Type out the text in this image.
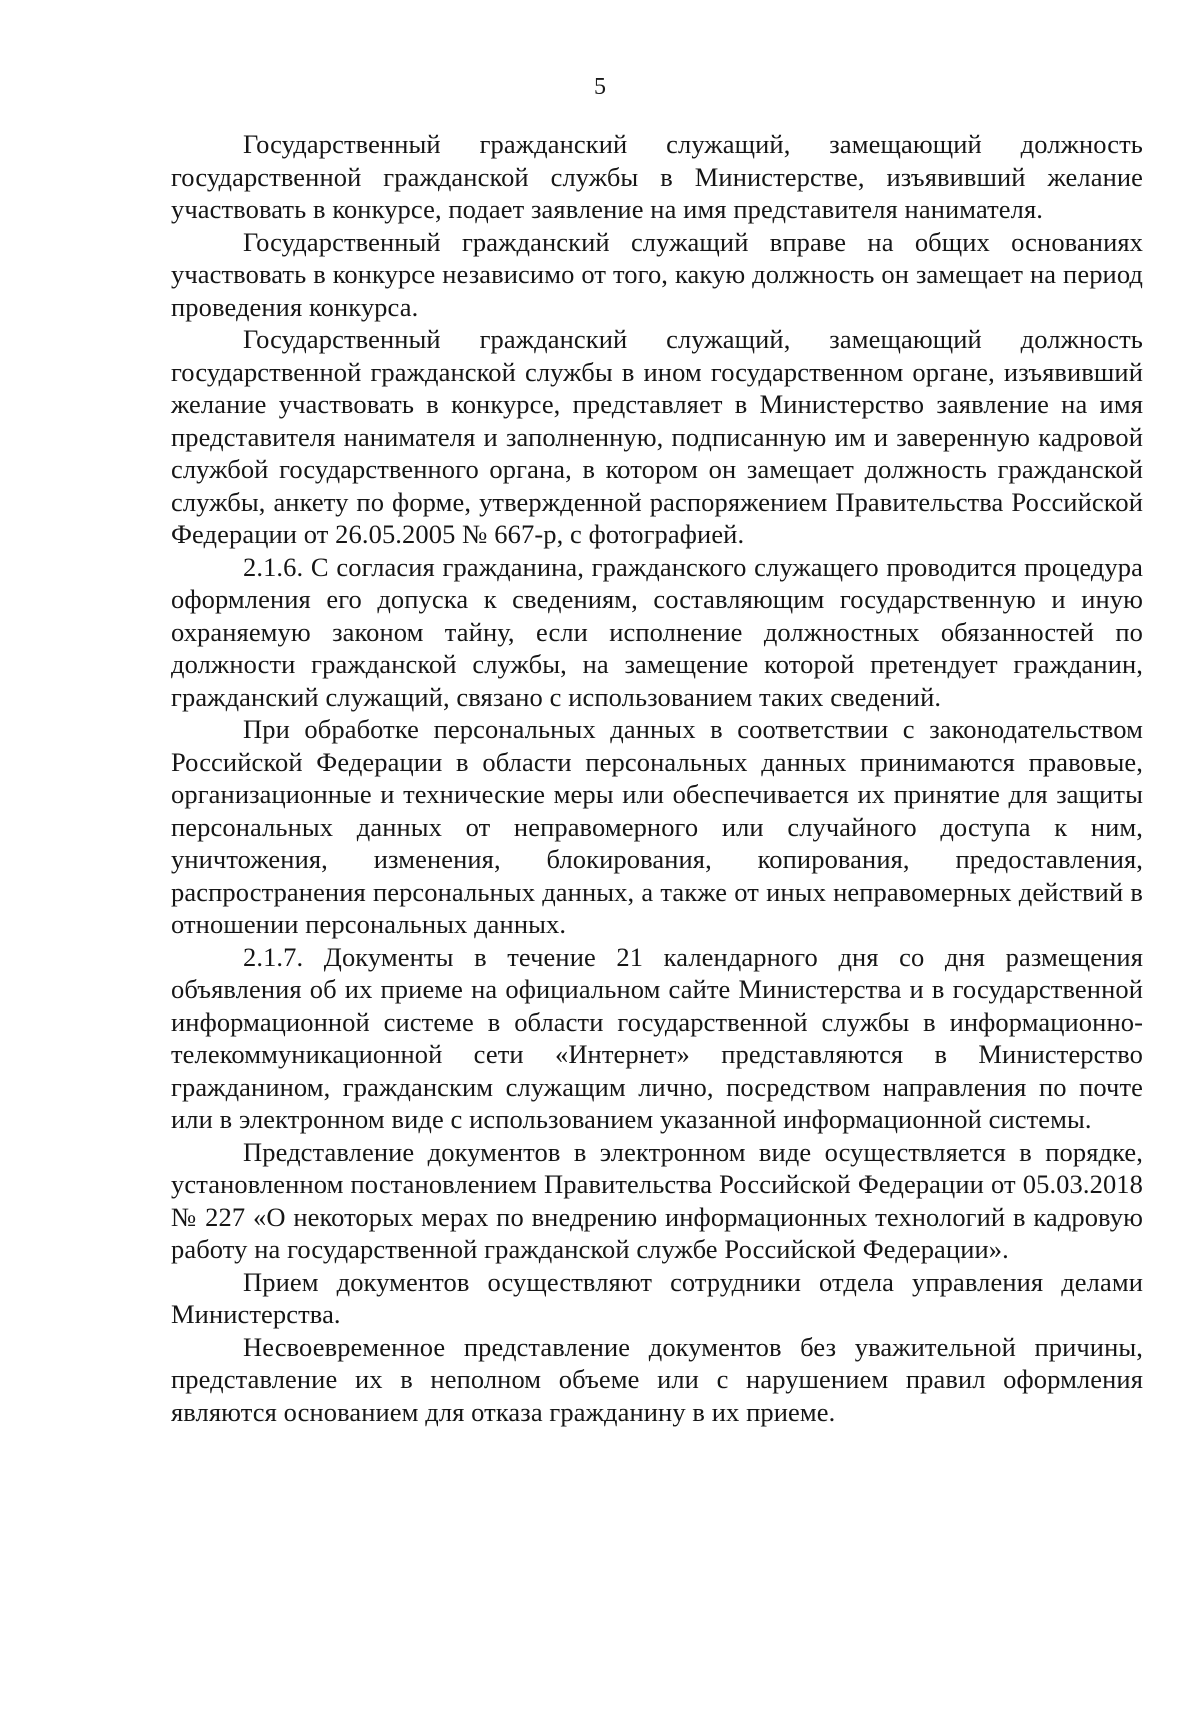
5

Государственный гражданский служащий, замещающий должность государственной гражданской службы в Министерстве, изъявивший желание участвовать в конкурсе, подает заявление на имя представителя нанимателя.

Государственный гражданский служащий вправе на общих основаниях участвовать в конкурсе независимо от того, какую должность он замещает на период проведения конкурса.

Государственный гражданский служащий, замещающий должность государственной гражданской службы в ином государственном органе, изъявивший желание участвовать в конкурсе, представляет в Министерство заявление на имя представителя нанимателя и заполненную, подписанную им и заверенную кадровой службой государственного органа, в котором он замещает должность гражданской службы, анкету по форме, утвержденной распоряжением Правительства Российской Федерации от 26.05.2005 № 667-р, с фотографией.

2.1.6. С согласия гражданина, гражданского служащего проводится процедура оформления его допуска к сведениям, составляющим государственную и иную охраняемую законом тайну, если исполнение должностных обязанностей по должности гражданской службы, на замещение которой претендует гражданин, гражданский служащий, связано с использованием таких сведений.

При обработке персональных данных в соответствии с законодательством Российской Федерации в области персональных данных принимаются правовые, организационные и технические меры или обеспечивается их принятие для защиты персональных данных от неправомерного или случайного доступа к ним, уничтожения, изменения, блокирования, копирования, предоставления, распространения персональных данных, а также от иных неправомерных действий в отношении персональных данных.

2.1.7. Документы в течение 21 календарного дня со дня размещения объявления об их приеме на официальном сайте Министерства и в государственной информационной системе в области государственной службы в информационно-телекоммуникационной сети «Интернет» представляются в Министерство гражданином, гражданским служащим лично, посредством направления по почте или в электронном виде с использованием указанной информационной системы.

Представление документов в электронном виде осуществляется в порядке, установленном постановлением Правительства Российской Федерации от 05.03.2018 № 227 «О некоторых мерах по внедрению информационных технологий в кадровую работу на государственной гражданской службе Российской Федерации».

Прием документов осуществляют сотрудники отдела управления делами Министерства.

Несвоевременное представление документов без уважительной причины, представление их в неполном объеме или с нарушением правил оформления являются основанием для отказа гражданину в их приеме.
